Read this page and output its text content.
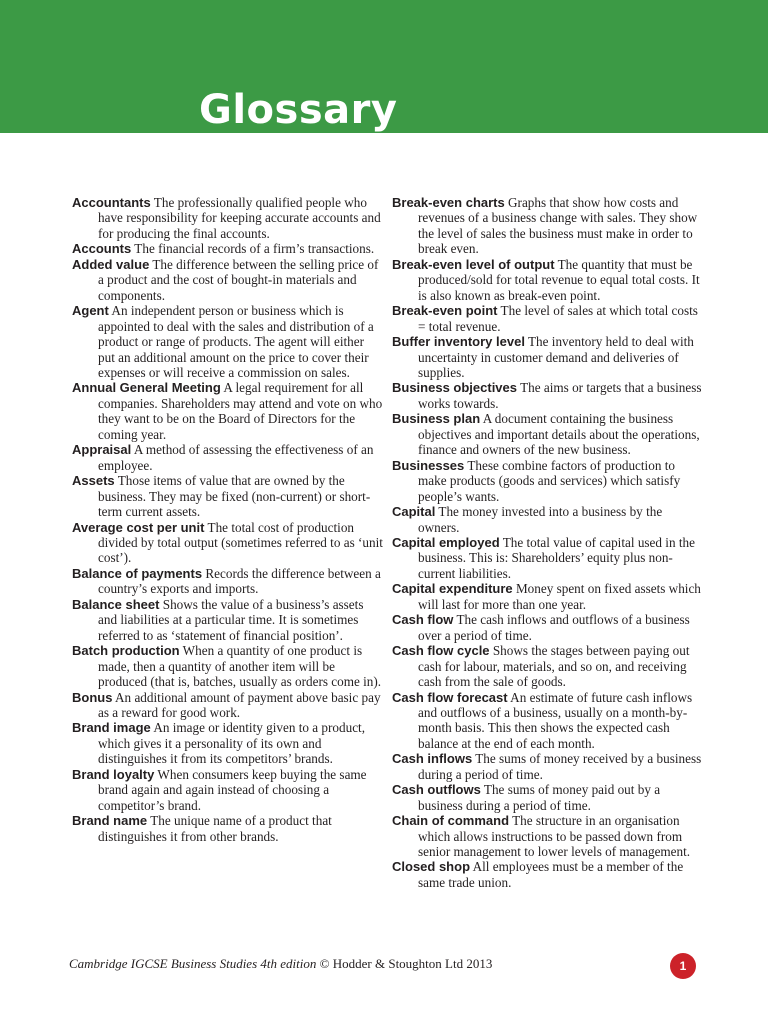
Glossary

Accountants The professionally qualified people who have responsibility for keeping accurate accounts and for producing the final accounts.

Accounts The financial records of a firm’s transactions.

Added value The difference between the selling price of a product and the cost of bought-in materials and components.

Agent An independent person or business which is appointed to deal with the sales and distribution of a product or range of products. The agent will either put an additional amount on the price to cover their expenses or will receive a commission on sales.

Annual General Meeting A legal requirement for all companies. Shareholders may attend and vote on who they want to be on the Board of Directors for the coming year.

Appraisal A method of assessing the effectiveness of an employee.

Assets Those items of value that are owned by the business. They may be fixed (non-current) or short-term current assets.

Average cost per unit The total cost of production divided by total output (sometimes referred to as ‘unit cost’).

Balance of payments Records the difference between a country’s exports and imports.

Balance sheet Shows the value of a business’s assets and liabilities at a particular time. It is sometimes referred to as ‘statement of financial position’.

Batch production When a quantity of one product is made, then a quantity of another item will be produced (that is, batches, usually as orders come in).

Bonus An additional amount of payment above basic pay as a reward for good work.

Brand image An image or identity given to a product, which gives it a personality of its own and distinguishes it from its competitors’ brands.

Brand loyalty When consumers keep buying the same brand again and again instead of choosing a competitor’s brand.

Brand name The unique name of a product that distinguishes it from other brands.

Break-even charts Graphs that show how costs and revenues of a business change with sales. They show the level of sales the business must make in order to break even.

Break-even level of output The quantity that must be produced/sold for total revenue to equal total costs. It is also known as break-even point.

Break-even point The level of sales at which total costs = total revenue.

Buffer inventory level The inventory held to deal with uncertainty in customer demand and deliveries of supplies.

Business objectives The aims or targets that a business works towards.

Business plan A document containing the business objectives and important details about the operations, finance and owners of the new business.

Businesses These combine factors of production to make products (goods and services) which satisfy people’s wants.

Capital The money invested into a business by the owners.

Capital employed The total value of capital used in the business. This is: Shareholders’ equity plus non-current liabilities.

Capital expenditure Money spent on fixed assets which will last for more than one year.

Cash flow The cash inflows and outflows of a business over a period of time.

Cash flow cycle Shows the stages between paying out cash for labour, materials, and so on, and receiving cash from the sale of goods.

Cash flow forecast An estimate of future cash inflows and outflows of a business, usually on a month-by-month basis. This then shows the expected cash balance at the end of each month.

Cash inflows The sums of money received by a business during a period of time.

Cash outflows The sums of money paid out by a business during a period of time.

Chain of command The structure in an organisation which allows instructions to be passed down from senior management to lower levels of management.

Closed shop All employees must be a member of the same trade union.

Cambridge IGCSE Business Studies 4th edition © Hodder & Stoughton Ltd 2013	1
